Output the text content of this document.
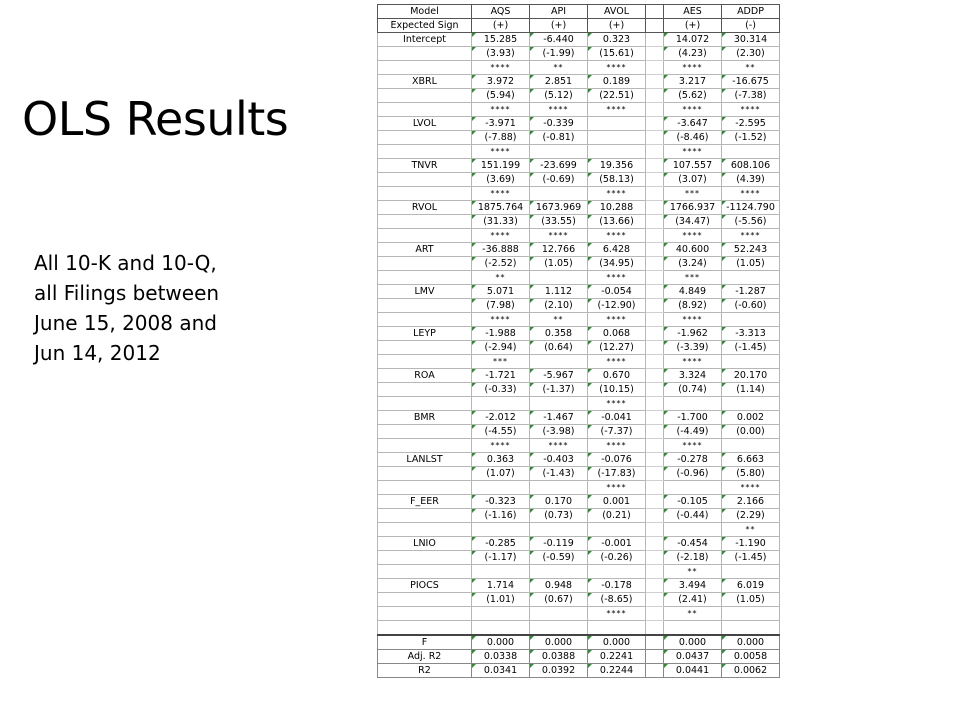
OLS Results
All 10-K and 10-Q,
all Filings between
June 15, 2008 and
Jun 14, 2012
Model	AQS	API	AVOL		AES	ADDP
Expected Sign	(+)	(+)	(+)		(+)	(-)
Intercept	15.285	-6.440	0.323		14.072	30.314
	(3.93)	(-1.99)	(15.61)		(4.23)	(2.30)
	****	**	****		****	**
XBRL	3.972	2.851	0.189		3.217	-16.675
	(5.94)	(5.12)	(22.51)		(5.62)	(-7.38)
	****	****	****		****	****
LVOL	-3.971	-0.339			-3.647	-2.595
	(-7.88)	(-0.81)			(-8.46)	(-1.52)
	****				****	
TNVR	151.199	-23.699	19.356		107.557	608.106
	(3.69)	(-0.69)	(58.13)		(3.07)	(4.39)
	****		****		***	****
RVOL	1875.764	1673.969	10.288		1766.937	-1124.790
	(31.33)	(33.55)	(13.66)		(34.47)	(-5.56)
	****	****	****		****	****
ART	-36.888	12.766	6.428		40.600	52.243
	(-2.52)	(1.05)	(34.95)		(3.24)	(1.05)
	**		****		***	
LMV	5.071	1.112	-0.054		4.849	-1.287
	(7.98)	(2.10)	(-12.90)		(8.92)	(-0.60)
	****	**	****		****	
LEYP	-1.988	0.358	0.068		-1.962	-3.313
	(-2.94)	(0.64)	(12.27)		(-3.39)	(-1.45)
	***		****		****	
ROA	-1.721	-5.967	0.670		3.324	20.170
	(-0.33)	(-1.37)	(10.15)		(0.74)	(1.14)
			****			
BMR	-2.012	-1.467	-0.041		-1.700	0.002
	(-4.55)	(-3.98)	(-7.37)		(-4.49)	(0.00)
	****	****	****		****	
LANLST	0.363	-0.403	-0.076		-0.278	6.663
	(1.07)	(-1.43)	(-17.83)		(-0.96)	(5.80)
			****			****
F_EER	-0.323	0.170	0.001		-0.105	2.166
	(-1.16)	(0.73)	(0.21)		(-0.44)	(2.29)
						**
LNIO	-0.285	-0.119	-0.001		-0.454	-1.190
	(-1.17)	(-0.59)	(-0.26)		(-2.18)	(-1.45)
					**	
PIOCS	1.714	0.948	-0.178		3.494	6.019
	(1.01)	(0.67)	(-8.65)		(2.41)	(1.05)
			****		**	

F	0.000	0.000	0.000		0.000	0.000
Adj. R2	0.0338	0.0388	0.2241		0.0437	0.0058
R2	0.0341	0.0392	0.2244		0.0441	0.0062
